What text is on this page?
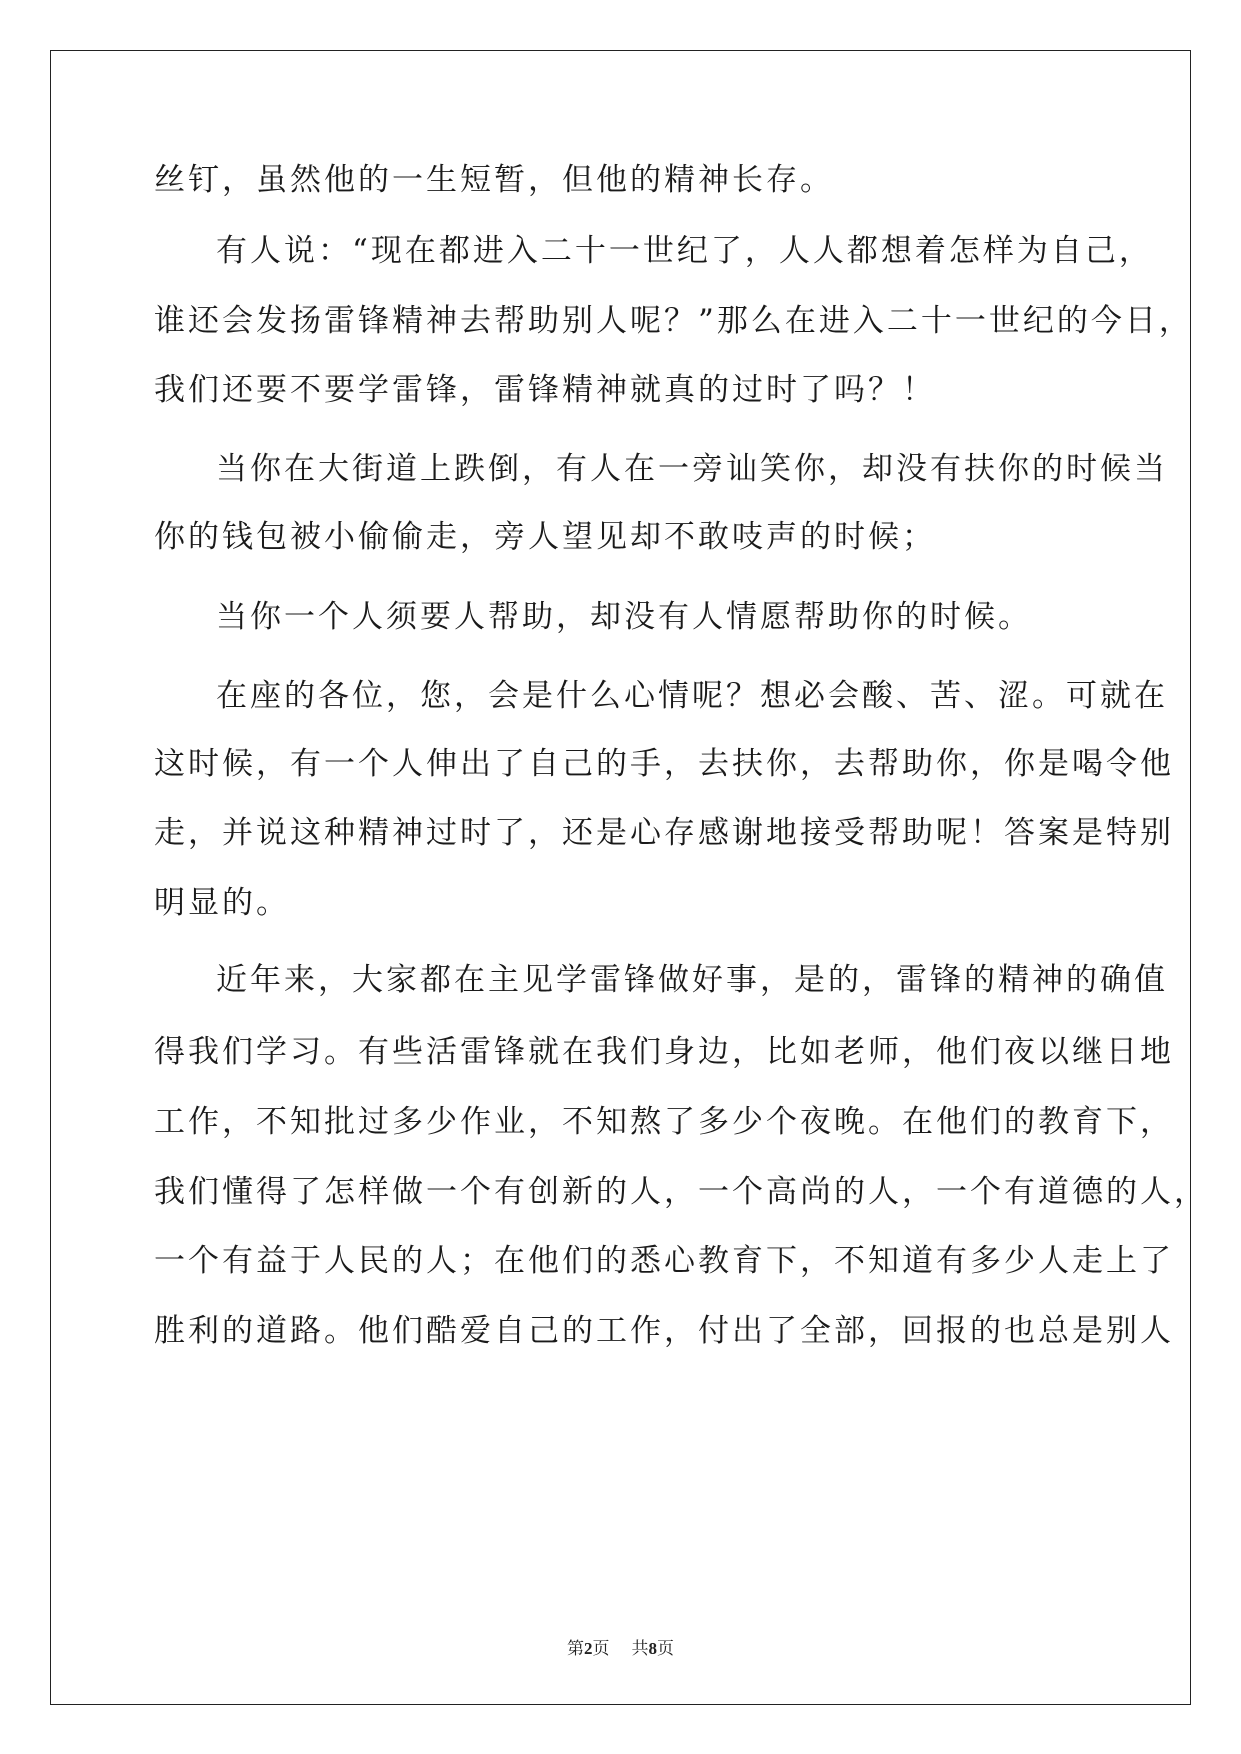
丝钉，虽然他的一生短暂，但他的精神长存。
有人说：“现在都进入二十一世纪了，人人都想着怎样为自己，
谁还会发扬雷锋精神去帮助别人呢？”那么在进入二十一世纪的今日，
我们还要不要学雷锋，雷锋精神就真的过时了吗？！
当你在大街道上跌倒，有人在一旁讪笑你，却没有扶你的时候当
你的钱包被小偷偷走，旁人望见却不敢吱声的时候；
当你一个人须要人帮助，却没有人情愿帮助你的时候。
在座的各位，您，会是什么心情呢？想必会酸、苦、涩。可就在
这时候，有一个人伸出了自己的手，去扶你，去帮助你，你是喝令他
走，并说这种精神过时了，还是心存感谢地接受帮助呢！答案是特别
明显的。
近年来，大家都在主见学雷锋做好事，是的，雷锋的精神的确值
得我们学习。有些活雷锋就在我们身边，比如老师，他们夜以继日地
工作，不知批过多少作业，不知熬了多少个夜晚。在他们的教育下，
我们懂得了怎样做一个有创新的人，一个高尚的人，一个有道德的人，
一个有益于人民的人；在他们的悉心教育下，不知道有多少人走上了
胜利的道路。他们酷爱自己的工作，付出了全部，回报的也总是别人
第2页 共8页
